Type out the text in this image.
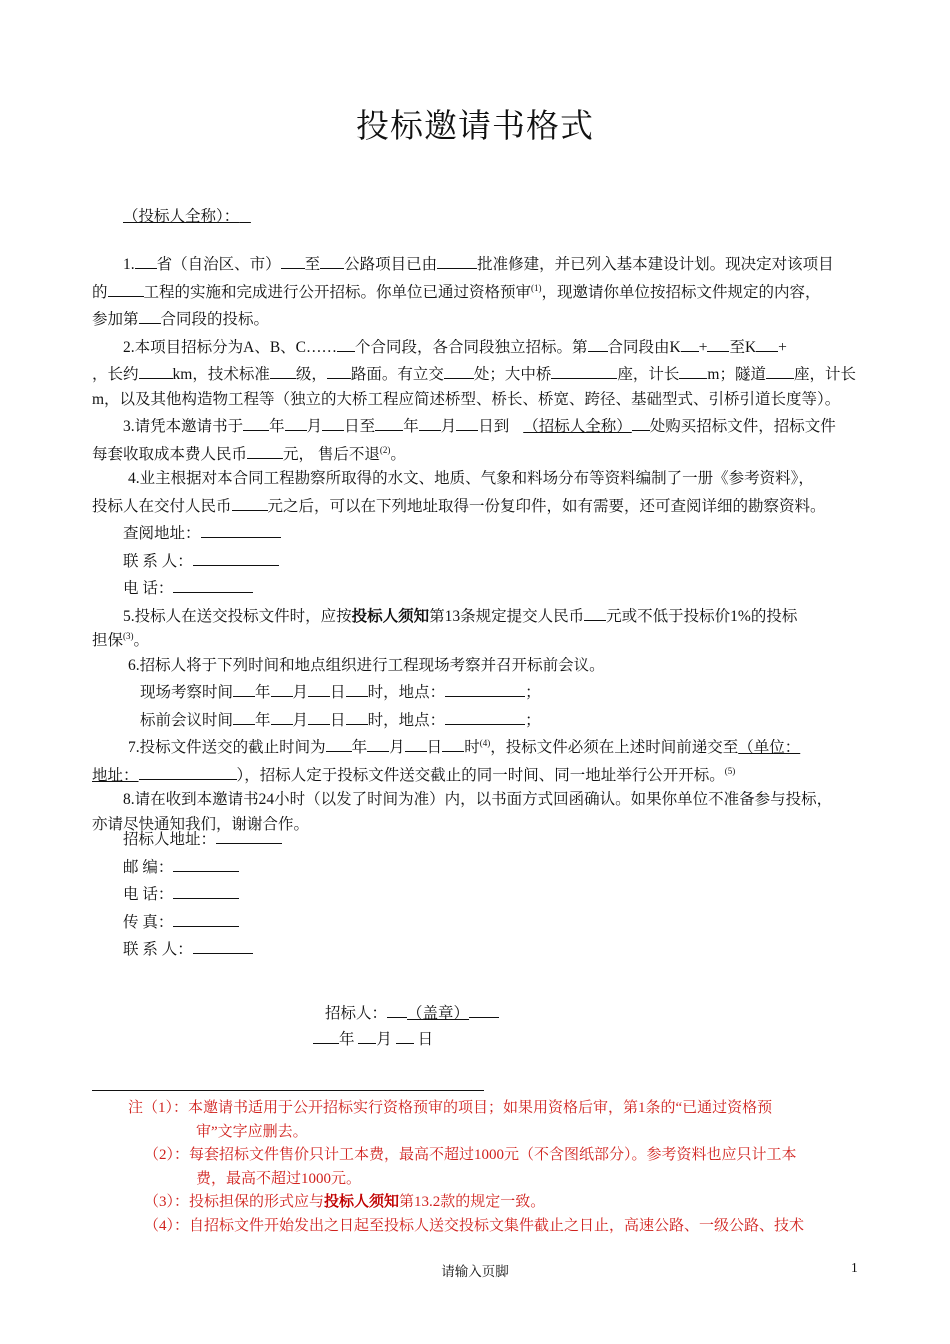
投标邀请书格式
（投标人全称）：

1. 省（自治区、市） 至 公路项目已由	批准修建，并已列入基本建设计划。现决定对该项目
的 工程的实施和完成进行公开招标。你单位已通过资格预审$^{(1)}$，现邀请你单位按招标文件规定的内容，
参加第 合同段的投标。

2.本项目招标分为A、B、C…… 个合同段，各合同段独立招标。第 合同段由K + 至K +
，长约 km，技术标准 级， 路面。有立交 处；大中桥	座，计长 m；隧道 座，计长
m，以及其他构造物工程等（独立的大桥工程应简述桥型、桥长、桥宽、跨径、基础型式、引桥引道长度等）。

3.请凭本邀请书于 年 月 日至 年 月 日到 （招标人全称） 处购买招标文件，招标文件
每套收取成本费人民币 元， 售后不退$^{(2)}$。

4.业主根据对本合同工程勘察所取得的水文、地质、气象和料场分布等资料编制了一册《参考资料》，
投标人在交付人民币 元之后，可以在下列地址取得一份复印件，如有需要，还可查阅详细的勘察资料。

查阅地址：

联 系 人：

电 话：

5.投标人在送交投标文件时，应按投标人须知第13条规定提交人民币 元或不低于投标价1%的投标
担保$^{(3)}$。

6.招标人将于下列时间和地点组织进行工程现场考察并召开标前会议。

现场考察时间 年 月 日 时，地点：	；

标前会议时间 年 月 日 时，地点：	；

7.投标文件送交的截止时间为 年 月 日 时$^{(4)}$，投标文件必须在上述时间前递交至（单位：
地址：	），招标人定于投标文件送交截止的同一时间、同一地址举行公开开标。$^{(5)}$

8.请在收到本邀请书24小时（以发了时间为准）内，以书面方式回函确认。如果你单位不准备参与投标，
亦请尽快通知我们，谢谢合作。

招标人地址：
邮 编：
电 话：
传 真：
联 系 人：
招标人： （盖章）
年 月 日
注（1）：本邀请书适用于公开招标实行资格预审的项目；如果用资格后审，第1条的“已通过资格预
审”文字应删去。
（2）：每套招标文件售价只计工本费，最高不超过1000元（不含图纸部分）。参考资料也应只计工本
费，最高不超过1000元。
（3）：投标担保的形式应与投标人须知第13.2款的规定一致。
（4）：自招标文件开始发出之日起至投标人送交投标文集件截止之日止，高速公路、一级公路、技术
请输入页脚	1
